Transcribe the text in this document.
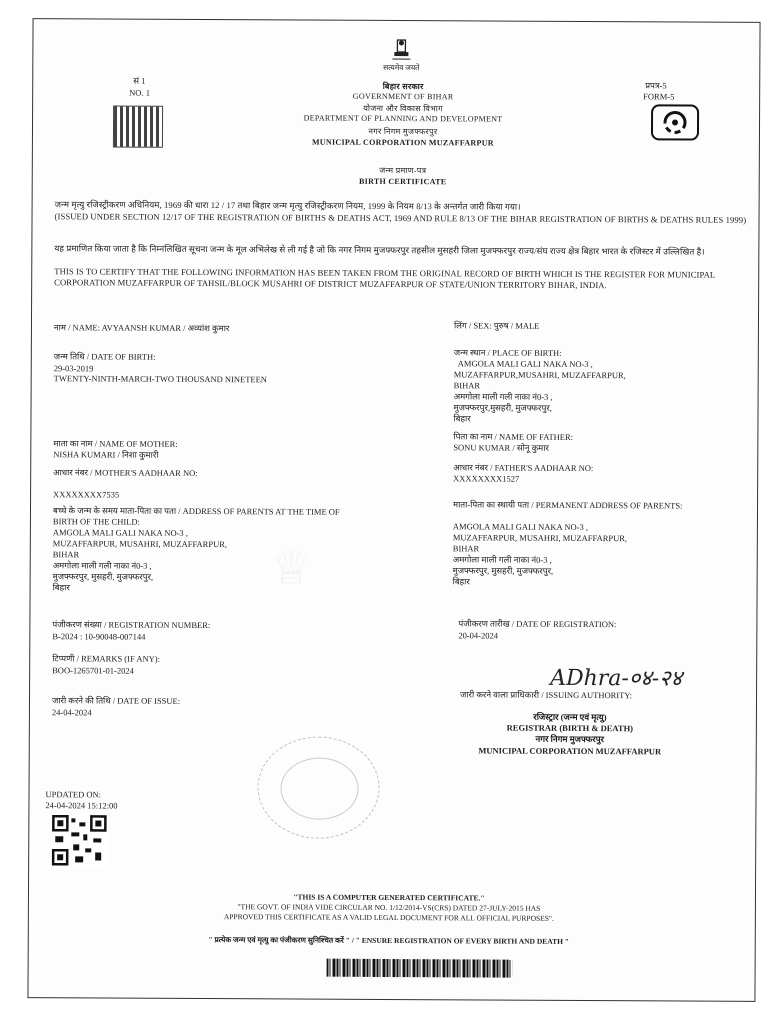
सत्यमेव जयते
सं 1
NO. 1
प्रपत्र-5
FORM-5
बिहार सरकार
GOVERNMENT OF BIHAR
योजना और विकास विभाग
DEPARTMENT OF PLANNING AND DEVELOPMENT
नगर निगम मुजफ्फरपुर
MUNICIPAL CORPORATION MUZAFFARPUR
जन्म प्रमाण-पत्र
BIRTH CERTIFICATE

जन्म मृत्यु रजिस्ट्रीकरण अधिनियम, 1969 की धारा 12 / 17 तथा बिहार जन्म मृत्यु रजिस्ट्रीकरण नियम, 1999 के नियम 8/13 के अन्तर्गत जारी किया गया।

(ISSUED UNDER SECTION 12/17 OF THE REGISTRATION OF BIRTHS & DEATHS ACT, 1969 AND RULE 8/13 OF THE BIHAR REGISTRATION OF BIRTHS & DEATHS RULES 1999)

यह प्रमाणित किया जाता है कि निम्नलिखित सूचना जन्म के मूल अभिलेख से ली गई है जो कि नगर निगम मुजफ्फरपुर तहसील मुसहरी जिला मुजफ्फरपुर राज्य/संघ राज्य क्षेत्र बिहार भारत के रजिस्टर में उल्लिखित है।

THIS IS TO CERTIFY THAT THE FOLLOWING INFORMATION HAS BEEN TAKEN FROM THE ORIGINAL RECORD OF BIRTH WHICH IS THE REGISTER FOR MUNICIPAL CORPORATION MUZAFFARPUR OF TAHSIL/BLOCK MUSAHRI OF DISTRICT MUZAFFARPUR OF STATE/UNION TERRITORY BIHAR, INDIA.

नाम / NAME: AVYAANSH KUMAR / अव्यांश कुमार	लिंग / SEX: पुरुष / MALE
जन्म तिथि / DATE OF BIRTH:
29-03-2019
TWENTY-NINTH-MARCH-TWO THOUSAND NINETEEN
जन्म स्थान / PLACE OF BIRTH:
AMGOLA MALI GALI NAKA NO-3 ,
MUZAFFARPUR,MUSAHRI, MUZAFFARPUR,
BIHAR
अमगोला माली गली नाका नं0-3 ,
मुजफ्फरपुर,मुसहरी, मुजफ्फरपुर,
बिहार
माता का नाम / NAME OF MOTHER:
NISHA KUMARI / निशा कुमारी
पिता का नाम / NAME OF FATHER:
SONU KUMAR / सोनू कुमार
आधार नंबर / MOTHER'S AADHAAR NO:
XXXXXXXX7535
आधार नंबर / FATHER'S AADHAAR NO:
XXXXXXXX1527
बच्चे के जन्म के समय माता-पिता का पता / ADDRESS OF PARENTS AT THE TIME OF
BIRTH OF THE CHILD:
AMGOLA MALI GALI NAKA NO-3 ,
MUZAFFARPUR, MUSAHRI, MUZAFFARPUR,
BIHAR
अमगोला माली गली नाका नं0-3 ,
मुजफ्फरपुर, मुसहरी, मुजफ्फरपुर,
बिहार
माता-पिता का स्थायी पता / PERMANENT ADDRESS OF PARENTS:
AMGOLA MALI GALI NAKA NO-3 ,
MUZAFFARPUR, MUSAHRI, MUZAFFARPUR,
BIHAR
अमगोला माली गली नाका नं0-3 ,
मुजफ्फरपुर, मुसहरी, मुजफ्फरपुर,
बिहार
♕
पंजीकरण संख्या / REGISTRATION NUMBER:
B-2024 : 10-90048-007144
पंजीकरण तारीख / DATE OF REGISTRATION:
20-04-2024
टिप्पणी / REMARKS (IF ANY):
BOO-1265701-01-2024	ADhra-०४-२४
जारी करने की तिथि / DATE OF ISSUE:
24-04-2024
जारी करने वाला प्राधिकारी / ISSUING AUTHORITY:
रजिस्ट्रार (जन्म एवं मृत्यु)
REGISTRAR (BIRTH & DEATH)
नगर निगम मुजफ्फरपुर
MUNICIPAL CORPORATION MUZAFFARPUR
UPDATED ON:
24-04-2024 15:12:00
"THIS IS A COMPUTER GENERATED CERTIFICATE."
"THE GOVT. OF INDIA VIDE CIRCULAR NO. 1/12/2014-VS(CRS) DATED 27-JULY-2015 HAS
APPROVED THIS CERTIFICATE AS A VALID LEGAL DOCUMENT FOR ALL OFFICIAL PURPOSES".
" प्रत्येक जन्म एवं मृत्यु का पंजीकरण सुनिश्चित करें " / " ENSURE REGISTRATION OF EVERY BIRTH AND DEATH "
